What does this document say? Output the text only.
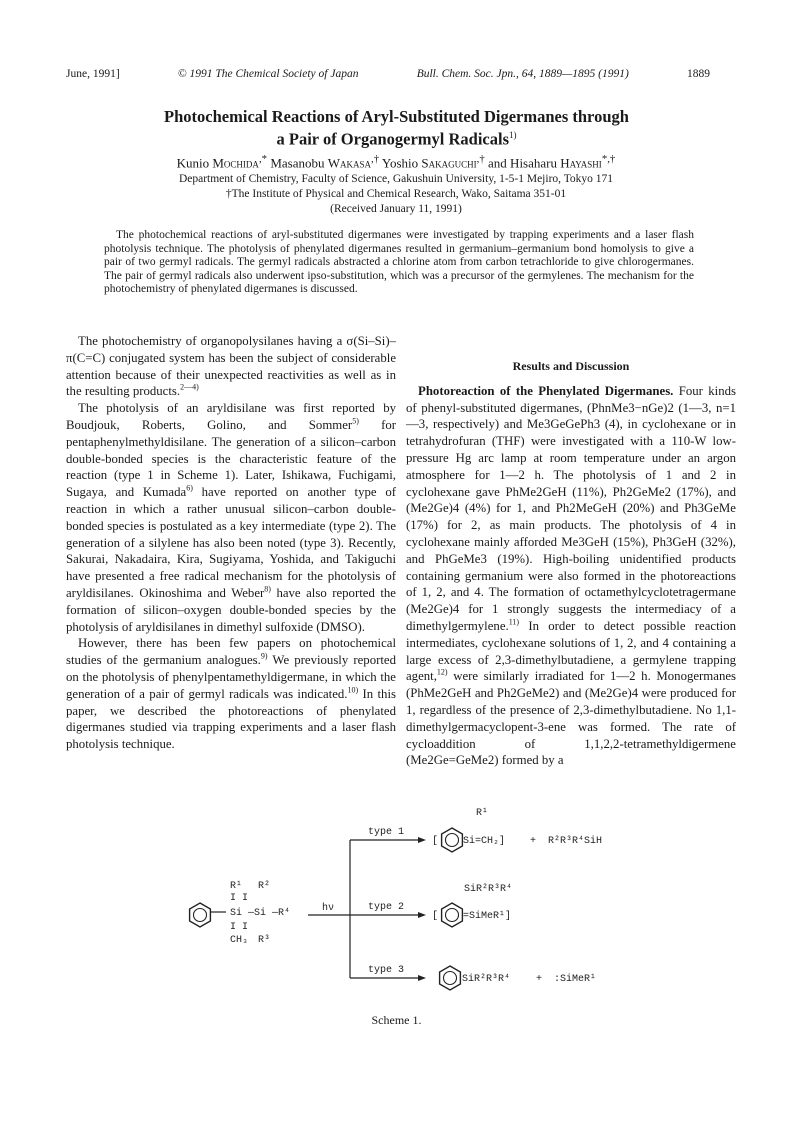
June, 1991]	© 1991 The Chemical Society of Japan	Bull. Chem. Soc. Jpn., 64, 1889—1895 (1991)	1889
Photochemical Reactions of Aryl-Substituted Digermanes through
a Pair of Organogermyl Radicals$^{1)}$
Kunio Mochida,* Masanobu Wakasa,† Yoshio Sakaguchi,† and Hisaharu Hayashi*,†
Department of Chemistry, Faculty of Science, Gakushuin University, 1-5-1 Mejiro, Tokyo 171
†The Institute of Physical and Chemical Research, Wako, Saitama 351-01
(Received January 11, 1991)
The photochemical reactions of aryl-substituted digermanes were investigated by trapping experiments and a laser flash photolysis technique. The photolysis of phenylated digermanes resulted in germanium–germanium bond homolysis to give a pair of two germyl radicals. The germyl radicals abstracted a chlorine atom from carbon tetrachloride to give chlorogermanes. The pair of germyl radicals also underwent ipso-substitution, which was a precursor of the germylenes. The mechanism for the photochemistry of phenylated digermanes is discussed.

The photochemistry of organopolysilanes having a σ(Si–Si)–π(C=C) conjugated system has been the subject of considerable attention because of their unexpected reactivities as well as in the resulting products.$^{2—4)}$

The photolysis of an aryldisilane was first reported by Boudjouk, Roberts, Golino, and Sommer$^{5)}$ for pentaphenylmethyldisilane. The generation of a silicon–carbon double-bonded species is the characteristic feature of the reaction (type 1 in Scheme 1). Later, Ishikawa, Fuchigami, Sugaya, and Kumada$^{6)}$ have reported on another type of reaction in which a rather unusual silicon–carbon double-bonded species is postulated as a key intermediate (type 2). The generation of a silylene has also been noted (type 3). Recently, Sakurai, Nakadaira, Kira, Sugiyama, Yoshida, and Takiguchi have presented a free radical mechanism for the photolysis of aryldisilanes. Okinoshima and Weber$^{8)}$ have also reported the formation of silicon–oxygen double-bonded species by the photolysis of aryldisilanes in dimethyl sulfoxide (DMSO).

However, there has been few papers on photochemical studies of the germanium analogues.$^{9)}$ We previously reported on the photolysis of phenylpentamethyldigermane, in which the generation of a pair of germyl radicals was indicated.$^{10)}$ In this paper, we described the photoreactions of phenylated digermanes studied via trapping experiments and a laser flash photolysis technique.

Results and Discussion

Photoreaction of the Phenylated Digermanes. Four kinds of phenyl-substituted digermanes, (PhnMe3−nGe)2 (1—3, n=1—3, respectively) and Me3GeGePh3 (4), in cyclohexane or in tetrahydrofuran (THF) were investigated with a 110-W low-pressure Hg arc lamp at room temperature under an argon atmosphere for 1—2 h. The photolysis of 1 and 2 in cyclohexane gave PhMe2GeH (11%), Ph2GeMe2 (17%), and (Me2Ge)4 (4%) for 1, and Ph2MeGeH (20%) and Ph3GeMe (17%) for 2, as main products. The photolysis of 4 in cyclohexane mainly afforded Me3GeH (15%), Ph3GeH (32%), and PhGeMe3 (19%). High-boiling unidentified products containing germanium were also formed in the photoreactions of 1, 2, and 4. The formation of octamethylcyclotetragermane (Me2Ge)4 for 1 strongly suggests the intermediacy of a dimethylgermylene.$^{11)}$ In order to detect possible reaction intermediates, cyclohexane solutions of 1, 2, and 4 containing a large excess of 2,3-dimethylbutadiene, a germylene trapping agent,$^{12)}$ were similarly irradiated for 1—2 h. Monogermanes (PhMe2GeH and Ph2GeMe2) and (Me2Ge)4 were produced for 1, regardless of the presence of 2,3-dimethylbutadiene. No 1,1-dimethylgermacyclopent-3-ene was formed. The rate of cycloaddition of 1,1,2,2-tetramethyldigermene (Me2Ge=GeMe2) formed by a

R¹ R²
I I
Si —Si —R⁴
I I
CH₃ R³
hν
type 1
[
R¹
Si=CH₂] + R²R³R⁴SiH
type 2
SiR²R³R⁴
[ =SiMeR¹]
type 3
SiR²R³R⁴	+ :SiMeR¹
Scheme 1.
